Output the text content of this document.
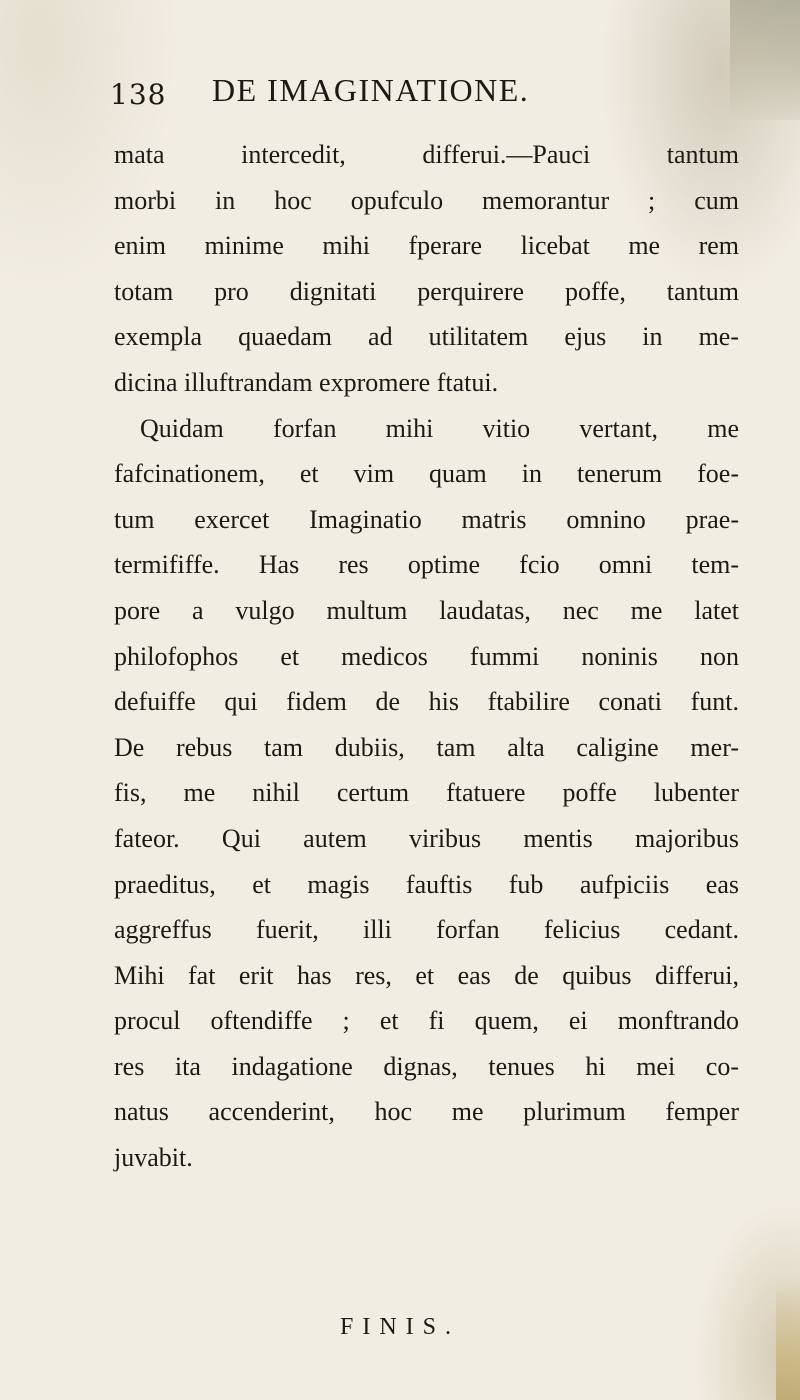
138 DE IMAGINATIONE.
mata intercedit, differui.—Pauci tantum
morbi in hoc opufculo memorantur ; cum
enim minime mihi fperare licebat me rem
totam pro dignitati perquirere poffe, tantum
exempla quaedam ad utilitatem ejus in me-
dicina illuftrandam expromere ftatui.
Quidam forfan mihi vitio vertant, me
fafcinationem, et vim quam in tenerum foe-
tum exercet Imaginatio matris omnino prae-
termififfe. Has res optime fcio omni tem-
pore a vulgo multum laudatas, nec me latet
philofophos et medicos fummi noninis non
defuiffe qui fidem de his ftabilire conati funt.
De rebus tam dubiis, tam alta caligine mer-
fis, me nihil certum ftatuere poffe lubenter
fateor. Qui autem viribus mentis majoribus
praeditus, et magis fauftis fub aufpiciis eas
aggreffus fuerit, illi forfan felicius cedant.
Mihi fat erit has res, et eas de quibus differui,
procul oftendiffe ; et fi quem, ei monftrando
res ita indagatione dignas, tenues hi mei co-
natus accenderint, hoc me plurimum femper
juvabit.
FINIS.
